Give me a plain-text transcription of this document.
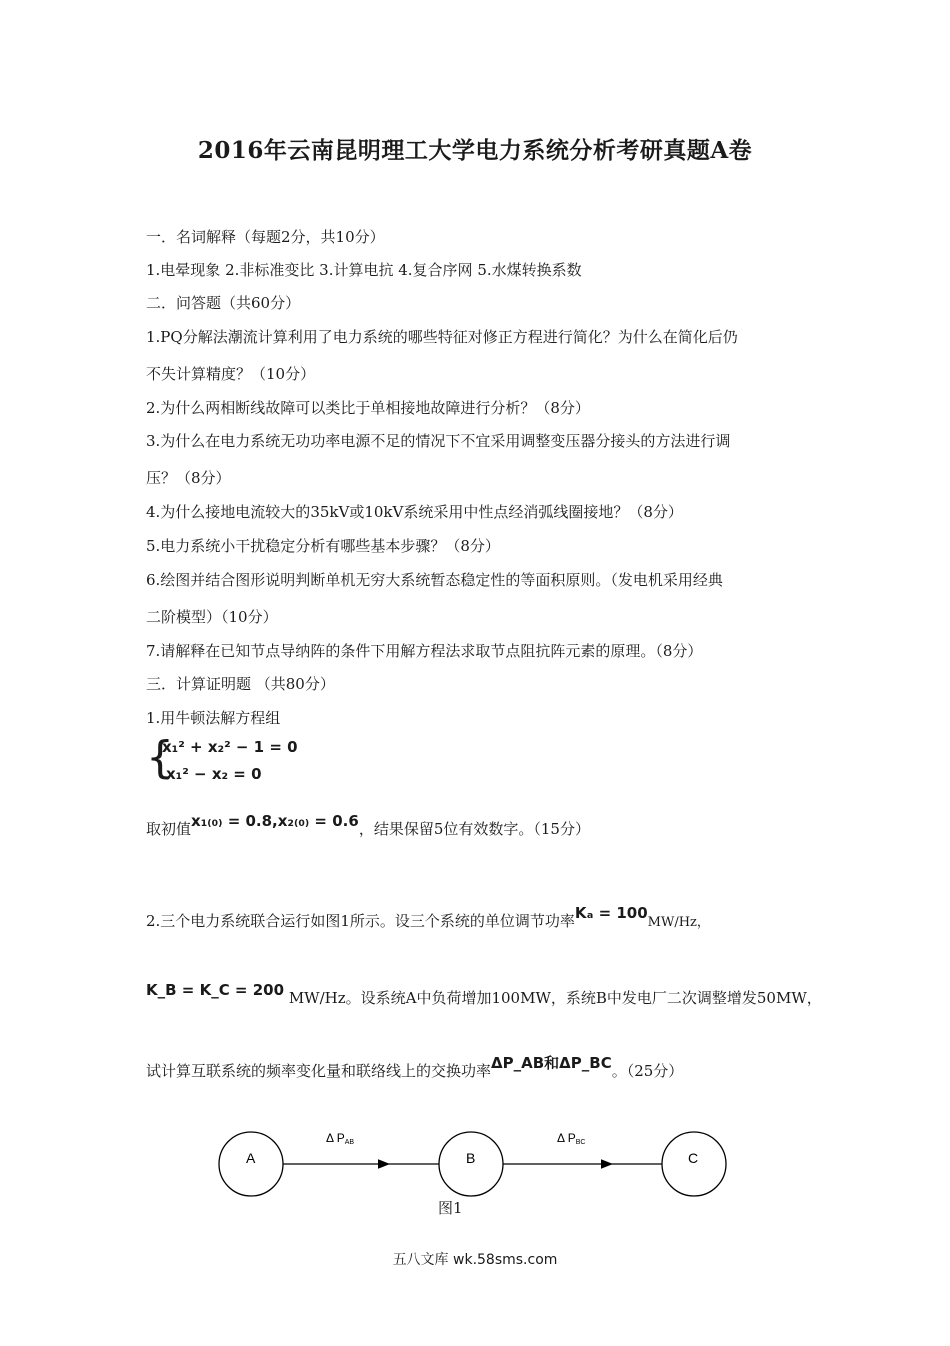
2016年云南昆明理工大学电力系统分析考研真题A卷
一．名词解释（每题2分，共10分）
1.电晕现象 2.非标准变比 3.计算电抗 4.复合序网 5.水煤转换系数
二．问答题（共60分）
1.PQ分解法潮流计算利用了电力系统的哪些特征对修正方程进行简化？为什么在简化后仍
不失计算精度？（10分）
2.为什么两相断线故障可以类比于单相接地故障进行分析？（8分）
3.为什么在电力系统无功功率电源不足的情况下不宜采用调整变压器分接头的方法进行调
压？（8分）
4.为什么接地电流较大的35kV或10kV系统采用中性点经消弧线圈接地？（8分）
5.电力系统小干扰稳定分析有哪些基本步骤？（8分）
6.绘图并结合图形说明判断单机无穷大系统暂态稳定性的等面积原则。（发电机采用经典
二阶模型）（10分）
7.请解释在已知节点导纳阵的条件下用解方程法求取节点阻抗阵元素的原理。（8分）
三．计算证明题 （共80分）
1.用牛顿法解方程组
{
x₁² + x₂² − 1 = 0
x₁² − x₂ = 0
取初值x₁₍₀₎ = 0.8,x₂₍₀₎ = 0.6，结果保留5位有效数字。（15分）
2.三个电力系统联合运行如图1所示。设三个系统的单位调节功率Kₐ = 100MW/Hz，
K_B = K_C = 200 MW/Hz。设系统A中负荷增加100MW，系统B中发电厂二次调整增发50MW，
试计算互联系统的频率变化量和联络线上的交换功率ΔP_AB和ΔP_BC。（25分）
A	B	C
Δ PAB	Δ PBC
图1
五八文库 wk.58sms.com
